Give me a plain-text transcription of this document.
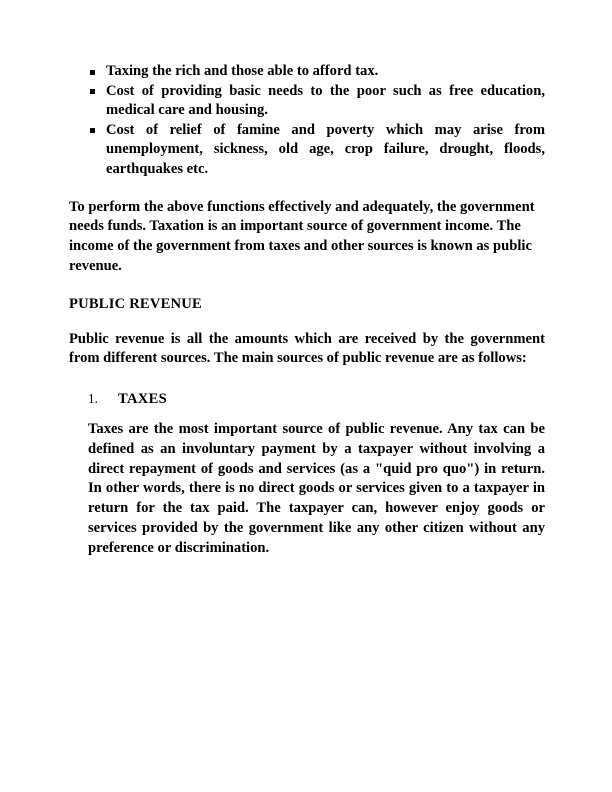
Taxing the rich and those able to afford tax.
Cost of providing basic needs to the poor such as free education, medical care and housing.
Cost of relief of famine and poverty which may arise from unemployment, sickness, old age, crop failure, drought, floods, earthquakes etc.

To perform the above functions effectively and adequately, the government needs funds. Taxation is an important source of government income. The income of the government from taxes and other sources is known as public revenue.

PUBLIC REVENUE

Public revenue is all the amounts which are received by the government from different sources. The main sources of public revenue are as follows:

1. TAXES

Taxes are the most important source of public revenue. Any tax can be defined as an involuntary payment by a taxpayer without involving a direct repayment of goods and services (as a "quid pro quo") in return. In other words, there is no direct goods or services given to a taxpayer in return for the tax paid. The taxpayer can, however enjoy goods or services provided by the government like any other citizen without any preference or discrimination.
